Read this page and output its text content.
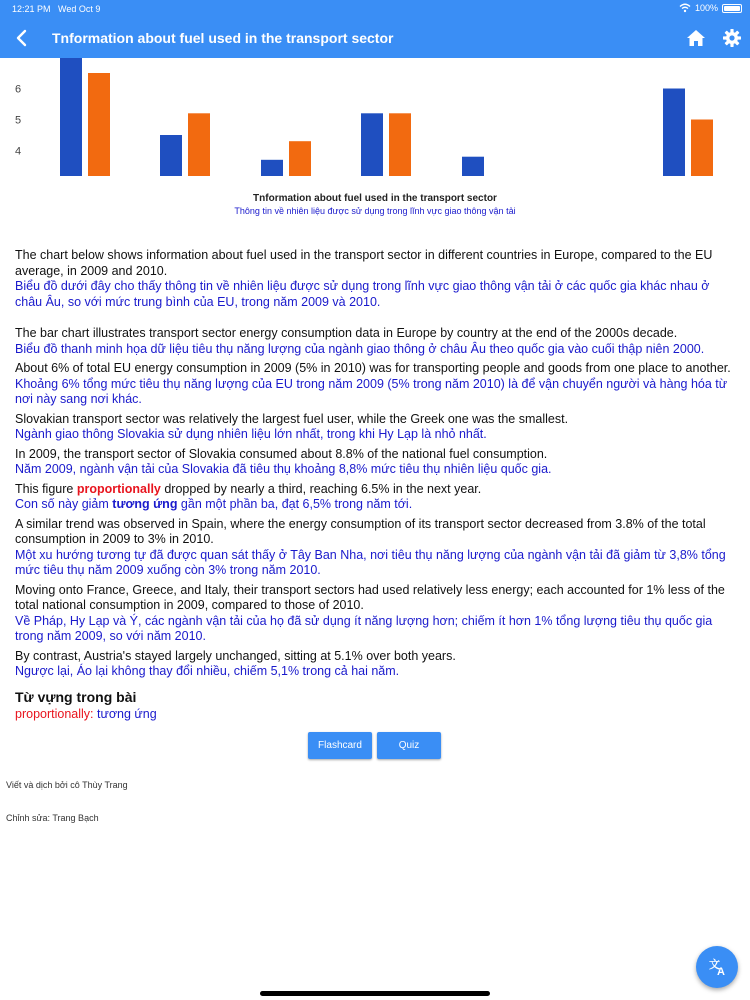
12:21 PM Wed Oct 9	100%
Tnformation about fuel used in the transport sector
4
5
6
Tnformation about fuel used in the transport sector
Thông tin về nhiên liệu được sử dụng trong lĩnh vực giao thông vận tải
The chart below shows information about fuel used in the transport sector in different countries in Europe, compared to the EU average, in 2009 and 2010.
Biểu đồ dưới đây cho thấy thông tin về nhiên liệu được sử dụng trong lĩnh vực giao thông vận tải ở các quốc gia khác nhau ở châu Âu, so với mức trung bình của EU, trong năm 2009 và 2010.
The bar chart illustrates transport sector energy consumption data in Europe by country at the end of the 2000s decade.
Biểu đồ thanh minh họa dữ liệu tiêu thụ năng lượng của ngành giao thông ở châu Âu theo quốc gia vào cuối thập niên 2000.
About 6% of total EU energy consumption in 2009 (5% in 2010) was for transporting people and goods from one place to another.
Khoảng 6% tổng mức tiêu thụ năng lượng của EU trong năm 2009 (5% trong năm 2010) là để vận chuyển người và hàng hóa từ nơi này sang nơi khác.
Slovakian transport sector was relatively the largest fuel user, while the Greek one was the smallest.
Ngành giao thông Slovakia sử dụng nhiên liệu lớn nhất, trong khi Hy Lạp là nhỏ nhất.
In 2009, the transport sector of Slovakia consumed about 8.8% of the national fuel consumption.
Năm 2009, ngành vận tải của Slovakia đã tiêu thụ khoảng 8,8% mức tiêu thụ nhiên liệu quốc gia.
This figure proportionally dropped by nearly a third, reaching 6.5% in the next year.
Con số này giảm tương ứng gần một phần ba, đạt 6,5% trong năm tới.
A similar trend was observed in Spain, where the energy consumption of its transport sector decreased from 3.8% of the total consumption in 2009 to 3% in 2010.
Một xu hướng tương tự đã được quan sát thấy ở Tây Ban Nha, nơi tiêu thụ năng lượng của ngành vận tải đã giảm từ 3,8% tổng mức tiêu thụ năm 2009 xuống còn 3% trong năm 2010.
Moving onto France, Greece, and Italy, their transport sectors had used relatively less energy; each accounted for 1% less of the total national consumption in 2009, compared to those of 2010.
Về Pháp, Hy Lạp và Ý, các ngành vận tải của họ đã sử dụng ít năng lượng hơn; chiếm ít hơn 1% tổng lượng tiêu thụ quốc gia trong năm 2009, so với năm 2010.
By contrast, Austria's stayed largely unchanged, sitting at 5.1% over both years.
Ngược lại, Áo lại không thay đổi nhiều, chiếm 5,1% trong cả hai năm.
Từ vựng trong bài
proportionally: tương ứng
Flashcard	Quiz
Viết và dịch bởi cô Thùy Trang
Chỉnh sửa: Trang Bạch
文
A
